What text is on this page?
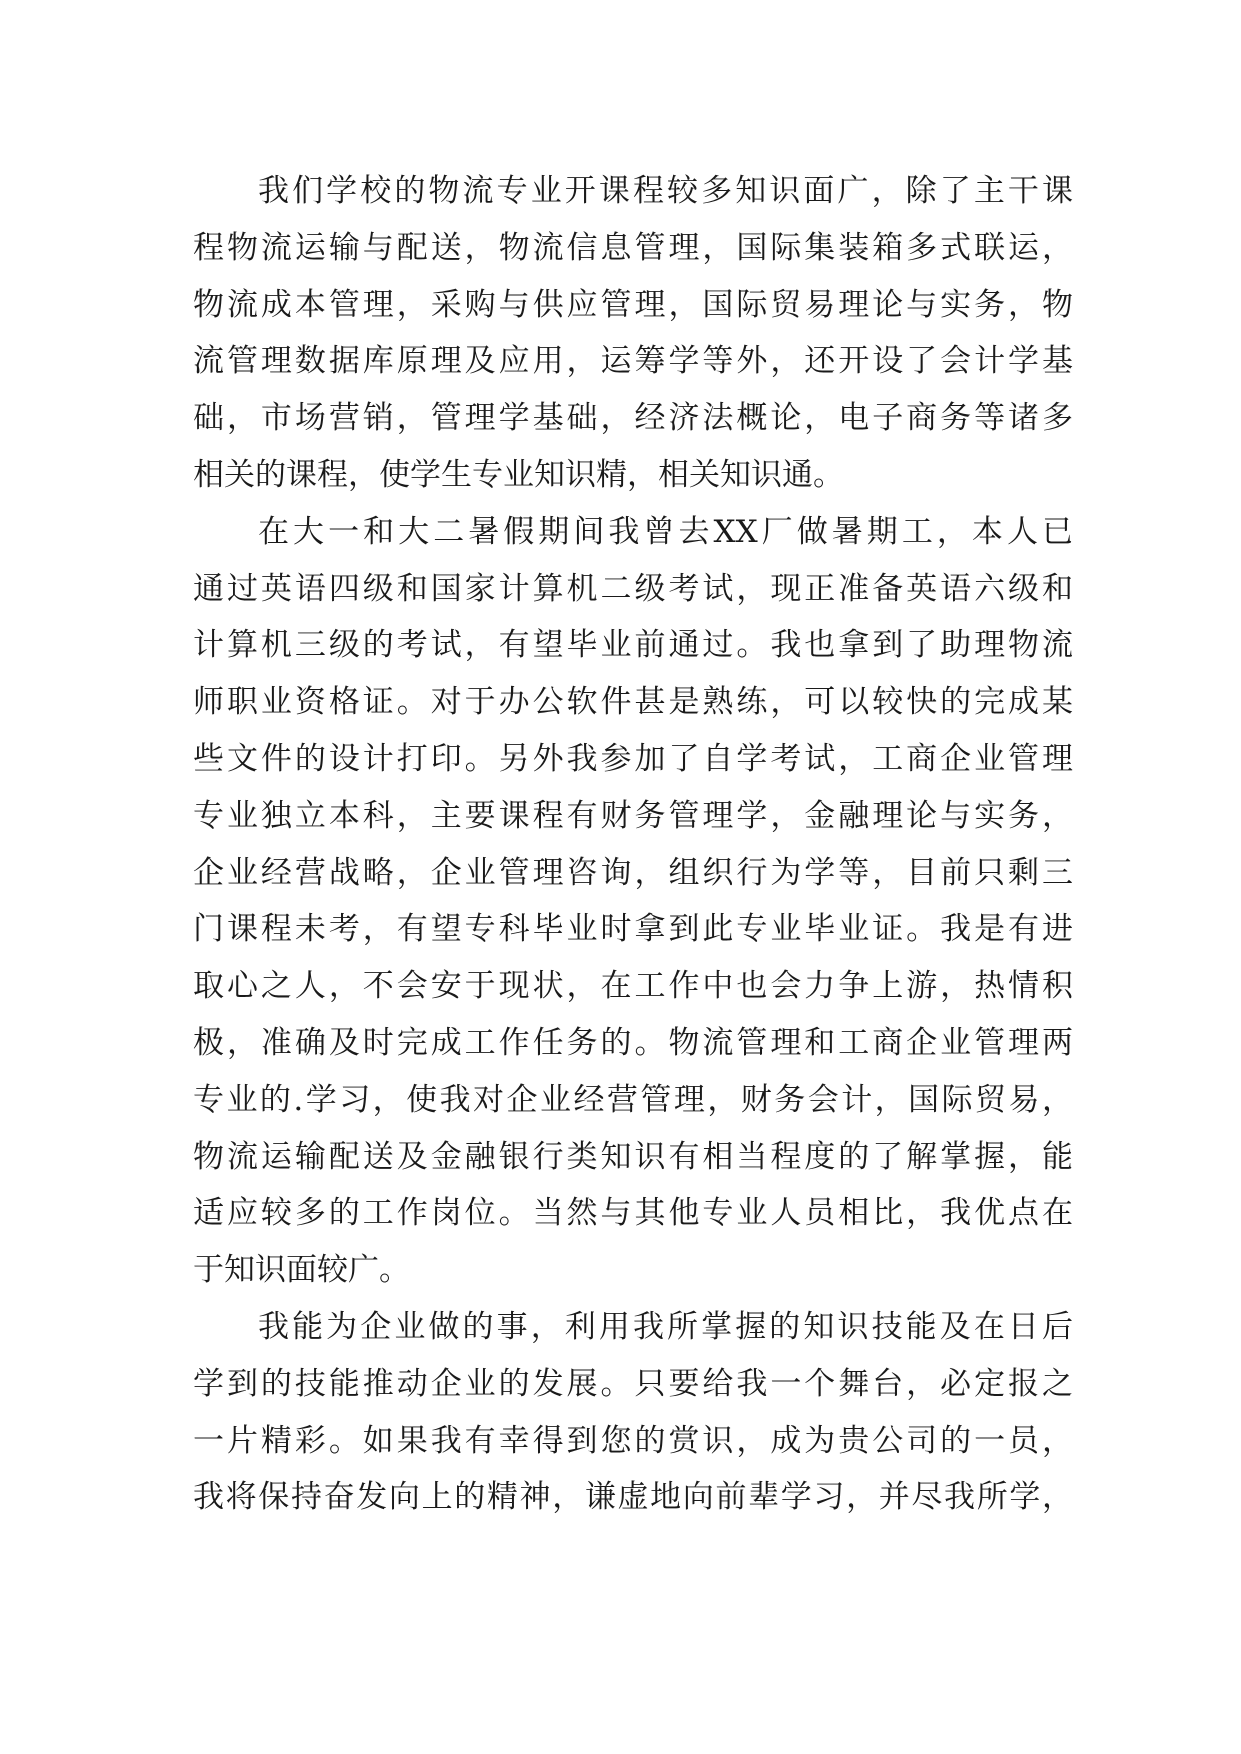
我们学校的物流专业开课程较多知识面广，除了主干课
程物流运输与配送，物流信息管理，国际集装箱多式联运，
物流成本管理，采购与供应管理，国际贸易理论与实务，物
流管理数据库原理及应用，运筹学等外，还开设了会计学基
础，市场营销，管理学基础，经济法概论，电子商务等诸多
相关的课程，使学生专业知识精，相关知识通。
在大一和大二暑假期间我曾去XX厂做暑期工，本人已
通过英语四级和国家计算机二级考试，现正准备英语六级和
计算机三级的考试，有望毕业前通过。我也拿到了助理物流
师职业资格证。对于办公软件甚是熟练，可以较快的完成某
些文件的设计打印。另外我参加了自学考试，工商企业管理
专业独立本科，主要课程有财务管理学，金融理论与实务，
企业经营战略，企业管理咨询，组织行为学等，目前只剩三
门课程未考，有望专科毕业时拿到此专业毕业证。我是有进
取心之人，不会安于现状，在工作中也会力争上游，热情积
极，准确及时完成工作任务的。物流管理和工商企业管理两
专业的.学习，使我对企业经营管理，财务会计，国际贸易，
物流运输配送及金融银行类知识有相当程度的了解掌握，能
适应较多的工作岗位。当然与其他专业人员相比，我优点在
于知识面较广。
我能为企业做的事，利用我所掌握的知识技能及在日后
学到的技能推动企业的发展。只要给我一个舞台，必定报之
一片精彩。如果我有幸得到您的赏识，成为贵公司的一员，
我将保持奋发向上的精神，谦虚地向前辈学习，并尽我所学，
